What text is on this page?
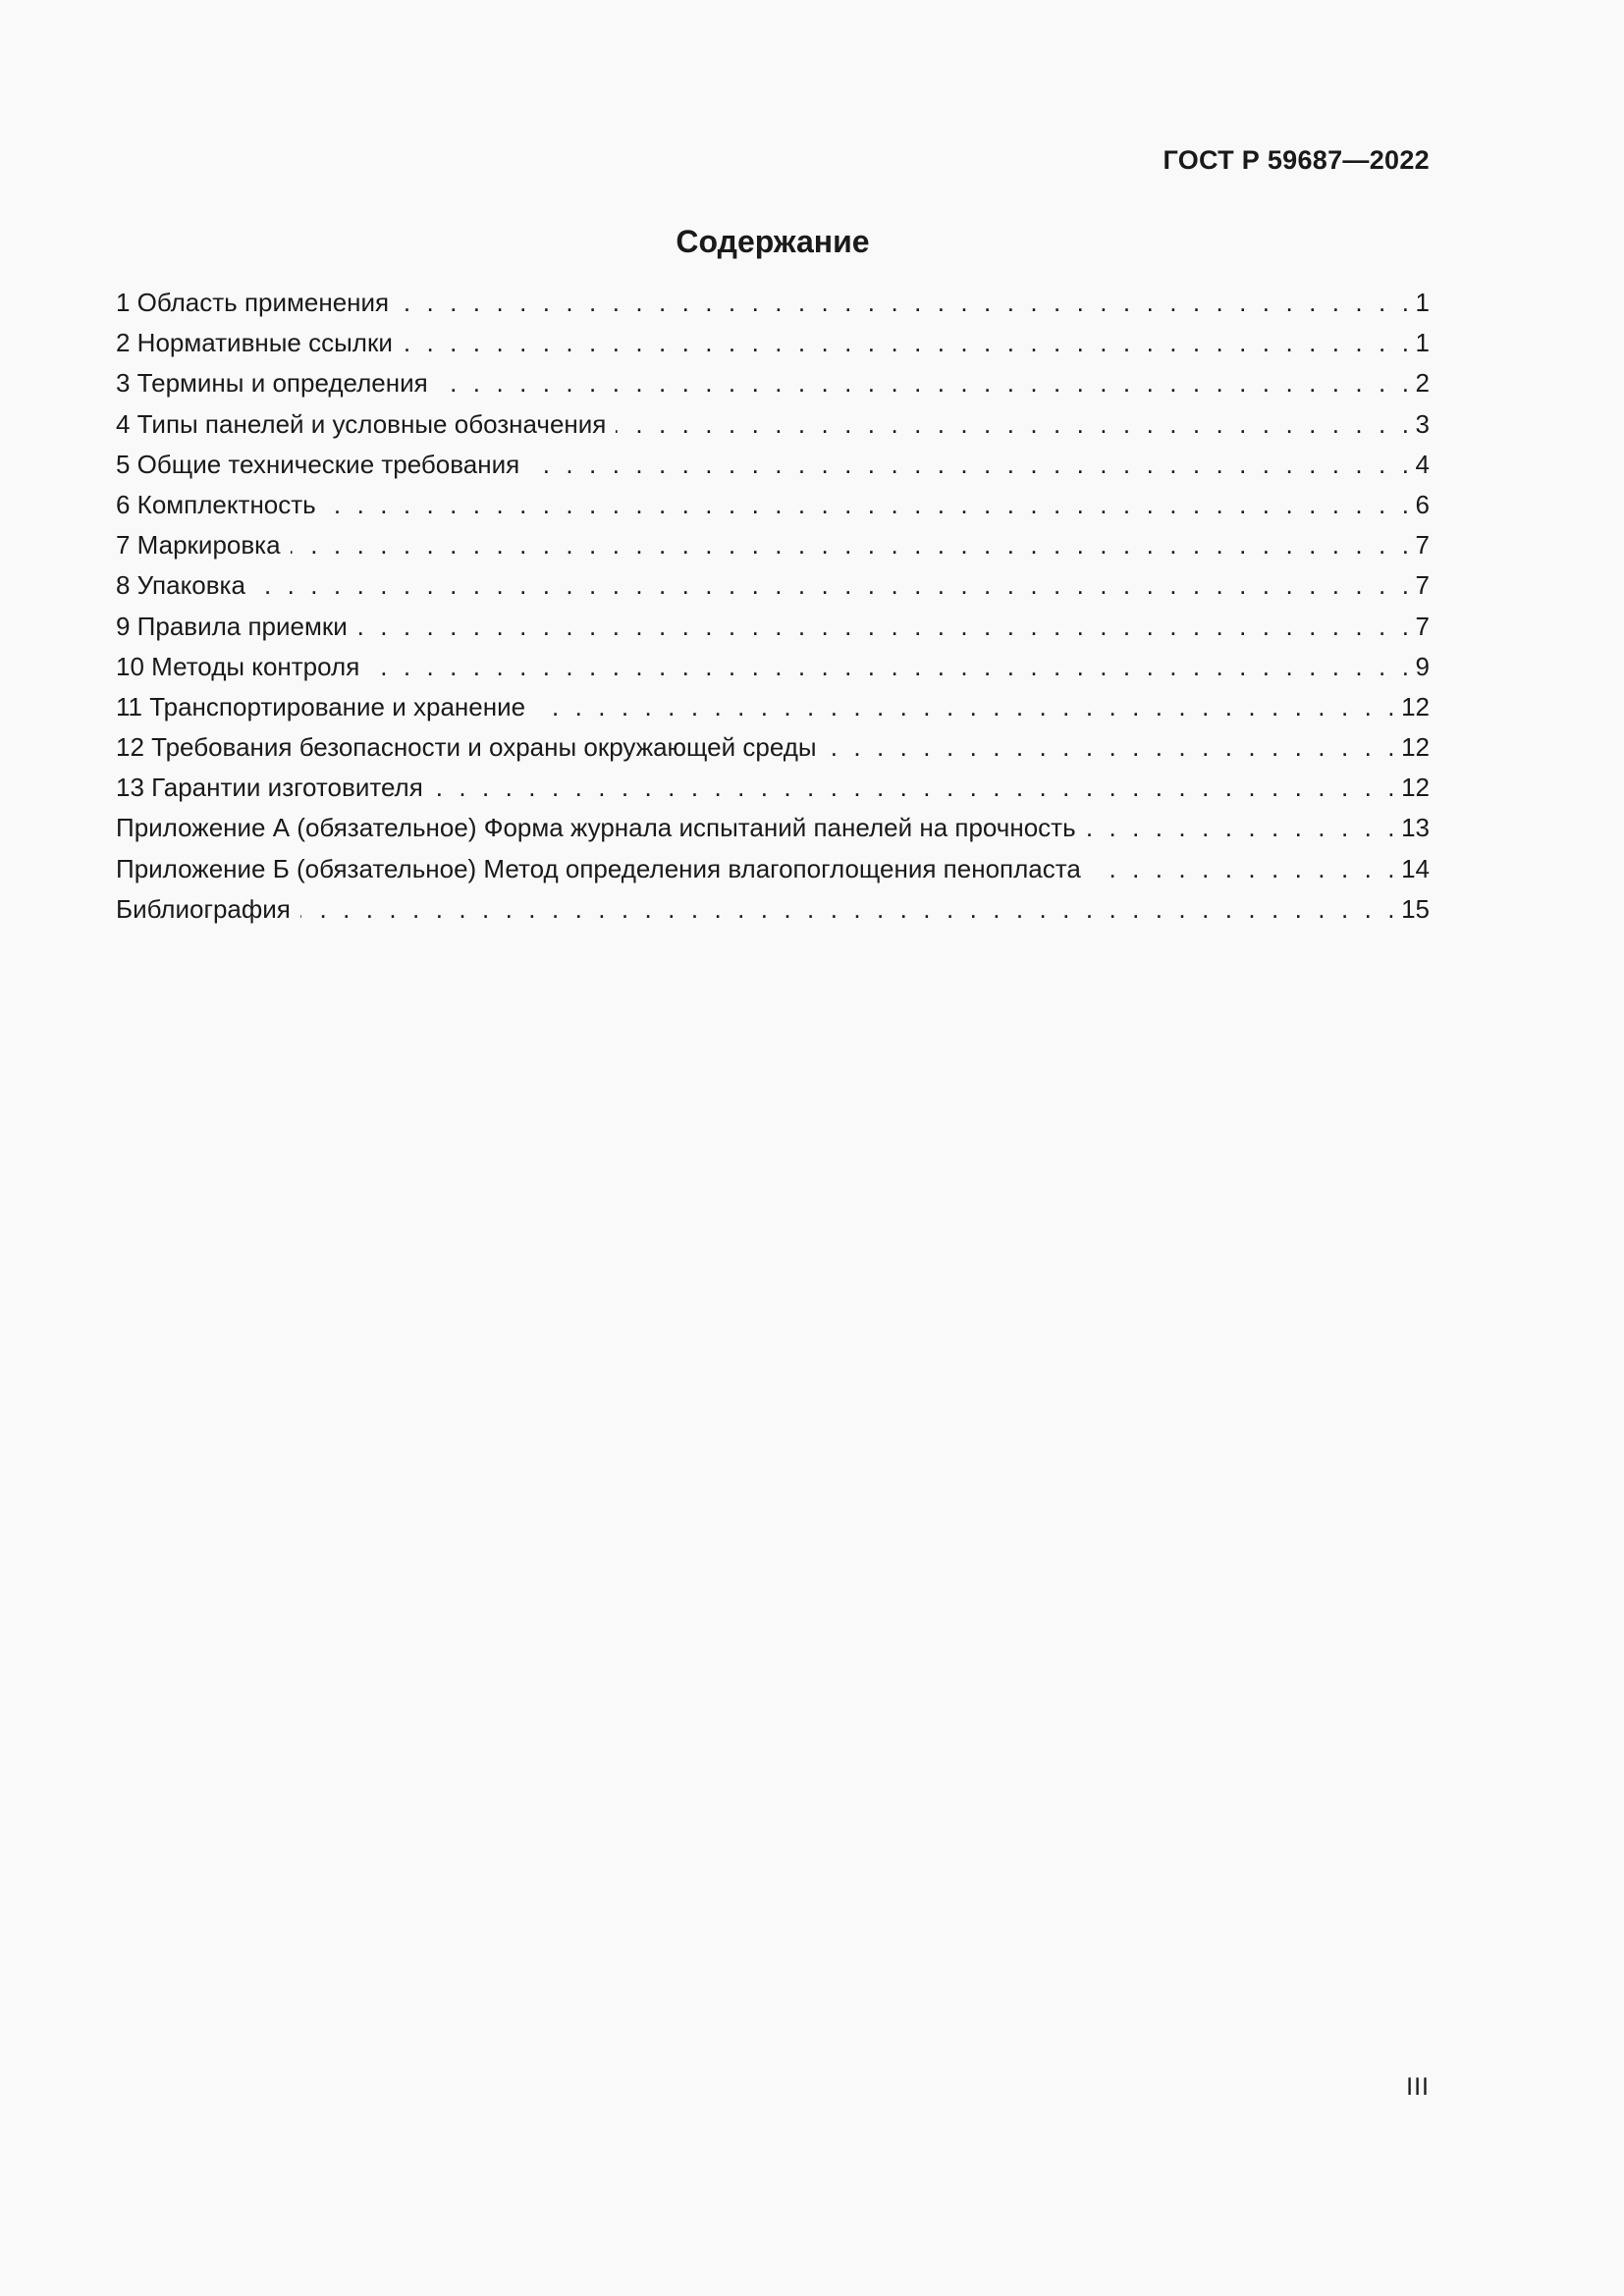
ГОСТ Р 59687—2022
Содержание
1 Область применения . . .	1
2 Нормативные ссылки . . .	1
3 Термины и определения . . .	2
4 Типы панелей и условные обозначения . . .	3
5 Общие технические требования . . .	4
6 Комплектность . . .	6
7 Маркировка . . .	7
8 Упаковка . . .	7
9 Правила приемки . . .	7
10 Методы контроля . . .	9
11 Транспортирование и хранение . . .	12
12 Требования безопасности и охраны окружающей среды . . .	12
13 Гарантии изготовителя . . .	12
Приложение А (обязательное) Форма журнала испытаний панелей на прочность . . .	13
Приложение Б (обязательное) Метод определения влагопоглощения пенопласта . . .	14
Библиография . . .	15
III
